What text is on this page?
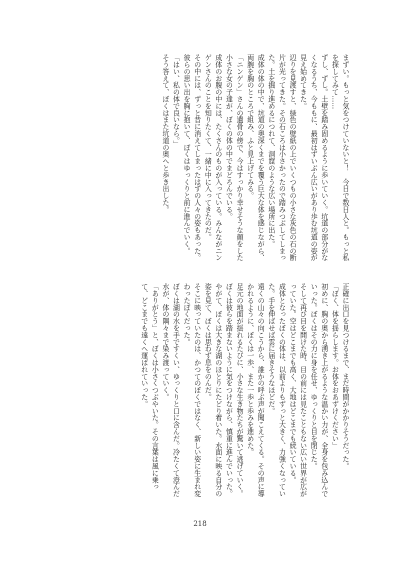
まずい。もっと気をつけていないと！　今日で数日人と。もっと私を探してみて……

ずし、ずし。土壁を踏み固めるように歩いていく。坑道の部分がなくなるうち、今ももに、最初はずいぶん広いがあり歩む坑道の姿が見え始めてきた。

辺りを見渡すと、緑色の壁紙の上でいくつもの小さな灰色の石の断片が光ってきた。その石ころは小さかったので踏みつぶしてしまった。土を掘り進めるにつれて、洞窟のような広い場所に出た。

成体の体の中で、坑道の奥深くまでを覆う巨大な体を感じながら、両腕を胸のところで組み、ふと見上げてみる。

「ニンゲン」さんの遺骨の傍で、今はすっかり幸せそうな顔をした小さな女の子達が、ぼくの体の中でまどろんでいる。

成体のお腹の中には、たくさんのものが入っている。みんながニンゲンさんのことを知りたくて、一緒に中に入ってきたのだ。

その中には、ずっと昔に消えてしまったはずの人々の姿もあった。彼らの思い出を胸に抱いて、ぼくはゆっくりと前に進んでいく。

「はい、私の体で良いなら。」

そう答えて、ぼくはまた坑道の奥へと歩き出した。

正確に出口を見つけるまで、まだ時間がかかりそうだった。

「ぼく、体を揺らします。お体をおあずけください」

初めに、胸の奥から湧き上がるような温かい力が、全身を包み込んでいった。ぼくはその力に身を任せ、ゆっくりと目を閉じた。

そして再び目を開けた時、目の前には見たこともない広い世界が広がっていた。空はどこまでも高く、大地はどこまでも続いている。

成体となったぼくの体は、以前よりもずっと大きく、力強くなっていた。手を伸ばせば雲に届きそうなほどだ。

遠くの山々の向こうから、誰かの呼ぶ声が聞こえてくる。その声に導かれるように、ぼくは一歩、また一歩と歩みを進めた。

足元の地面が揺れるたびに、小さな生き物たちが驚いて逃げていく。ぼくは彼らを踏まないように気をつけながら、慎重に進んでいった。

やがて、ぼくは大きな湖のほとりにたどり着いた。水面に映る自分の姿を見て、ぼくは思わず息をのんだ。

そこに映っていたのは、かつてのぼくではなく、新しい姿に生まれ変わったぼくだった。

ぼくは湖の水を手ですくい、ゆっくりと口に含んだ。冷たくて澄んだ水が、体の隅々まで染み渡っていく。

「ありがとう」と、ぼくは小さくつぶやいた。その言葉は風に乗って、どこまでも遠くへ運ばれていった。

218
